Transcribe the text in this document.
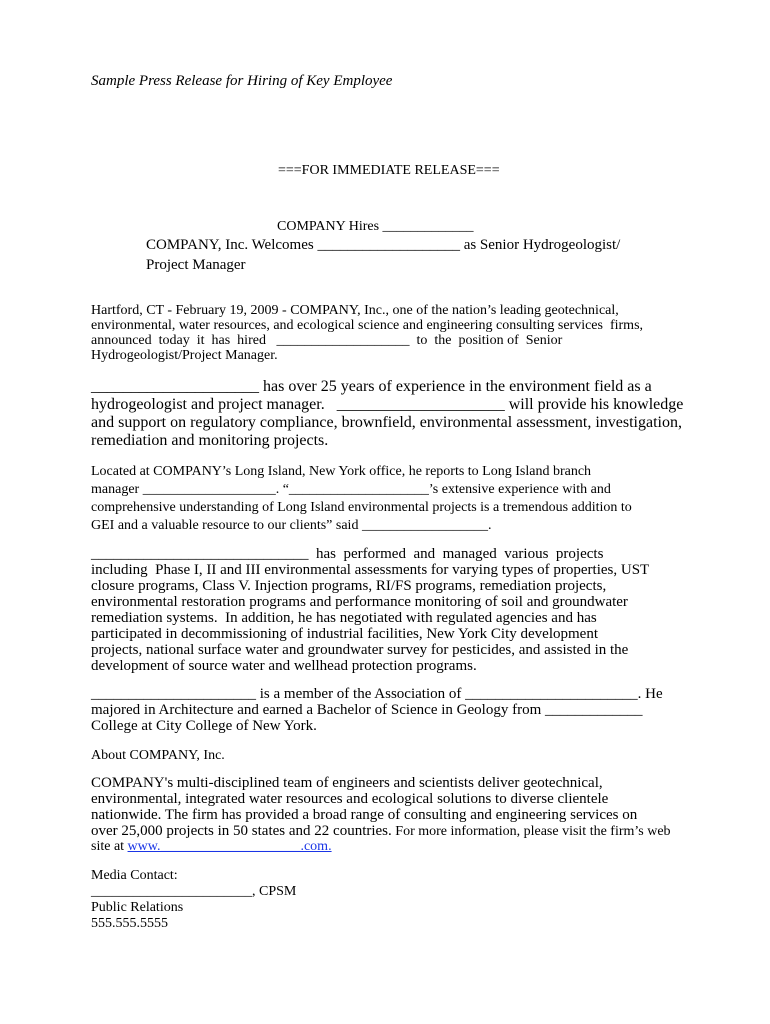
Sample Press Release for Hiring of Key Employee

===FOR IMMEDIATE RELEASE===

COMPANY Hires _____________

COMPANY, Inc. Welcomes ___________________ as Senior Hydrogeologist/

Project Manager

Hartford, CT - February 19, 2009 - COMPANY, Inc., one of the nation’s leading geotechnical,

environmental, water resources, and ecological science and engineering consulting services  firms,

announced  today  it  has  hired   ___________________  to  the  position of  Senior

Hydrogeologist/Project Manager.

_____________________ has over 25 years of experience in the environment field as a

hydrogeologist and project manager.   _____________________ will provide his knowledge

and support on regulatory compliance, brownfield, environmental assessment, investigation,

remediation and monitoring projects.

Located at COMPANY’s Long Island, New York office, he reports to Long Island branch

manager ___________________. “____________________’s extensive experience with and

comprehensive understanding of Long Island environmental projects is a tremendous addition to

GEI and a valuable resource to our clients” said __________________.

_____________________________  has  performed  and  managed  various  projects

including  Phase I, II and III environmental assessments for varying types of properties, UST

closure programs, Class V. Injection programs, RI/FS programs, remediation projects,

environmental restoration programs and performance monitoring of soil and groundwater

remediation systems.  In addition, he has negotiated with regulated agencies and has

participated in decommissioning of industrial facilities, New York City development

projects, national surface water and groundwater survey for pesticides, and assisted in the

development of source water and wellhead protection programs.

______________________ is a member of the Association of _______________________. He

majored in Architecture and earned a Bachelor of Science in Geology from _____________

College at City College of New York.

About COMPANY, Inc.

COMPANY's multi-disciplined team of engineers and scientists deliver geotechnical,

environmental, integrated water resources and ecological solutions to diverse clientele

nationwide. The firm has provided a broad range of consulting and engineering services on

over 25,000 projects in 50 states and 22 countries. For more information, please visit the firm’s web

site at www.____________________.com.

Media Contact:

_______________________, CPSM

Public Relations

555.555.5555
